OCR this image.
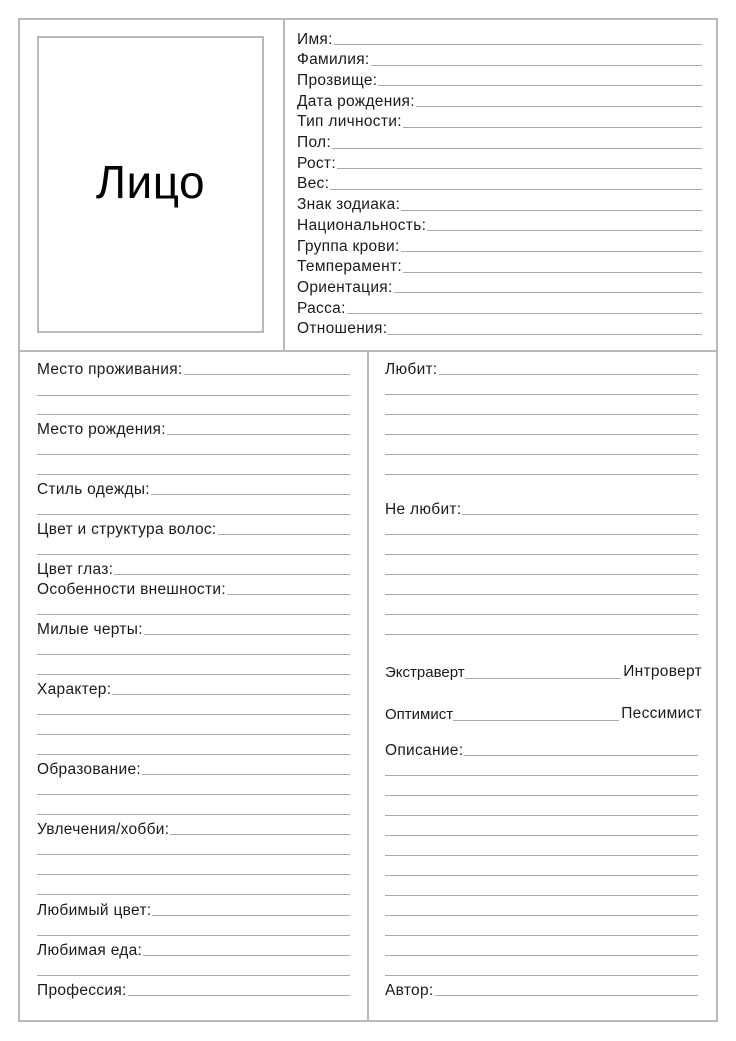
Лицо
Имя:
Фамилия:
Прозвище:
Дата рождения:
Тип личности:
Пол:
Рост:
Вес:
Знак зодиака:
Национальность:
Группа крови:
Темперамент:
Ориентация:
Расса:
Отношения:
Место проживания:
Место рождения:
Стиль одежды:
Цвет и структура волос:
Цвет глаз:
Особенности внешности:
Милые черты:
Характер:
Образование:
Увлечения/хобби:
Любимый цвет:
Любимая еда:
Профессия:
Любит:
Не любит:
Экстраверт	Интроверт
Оптимист	Пессимист
Описание:
Автор:
